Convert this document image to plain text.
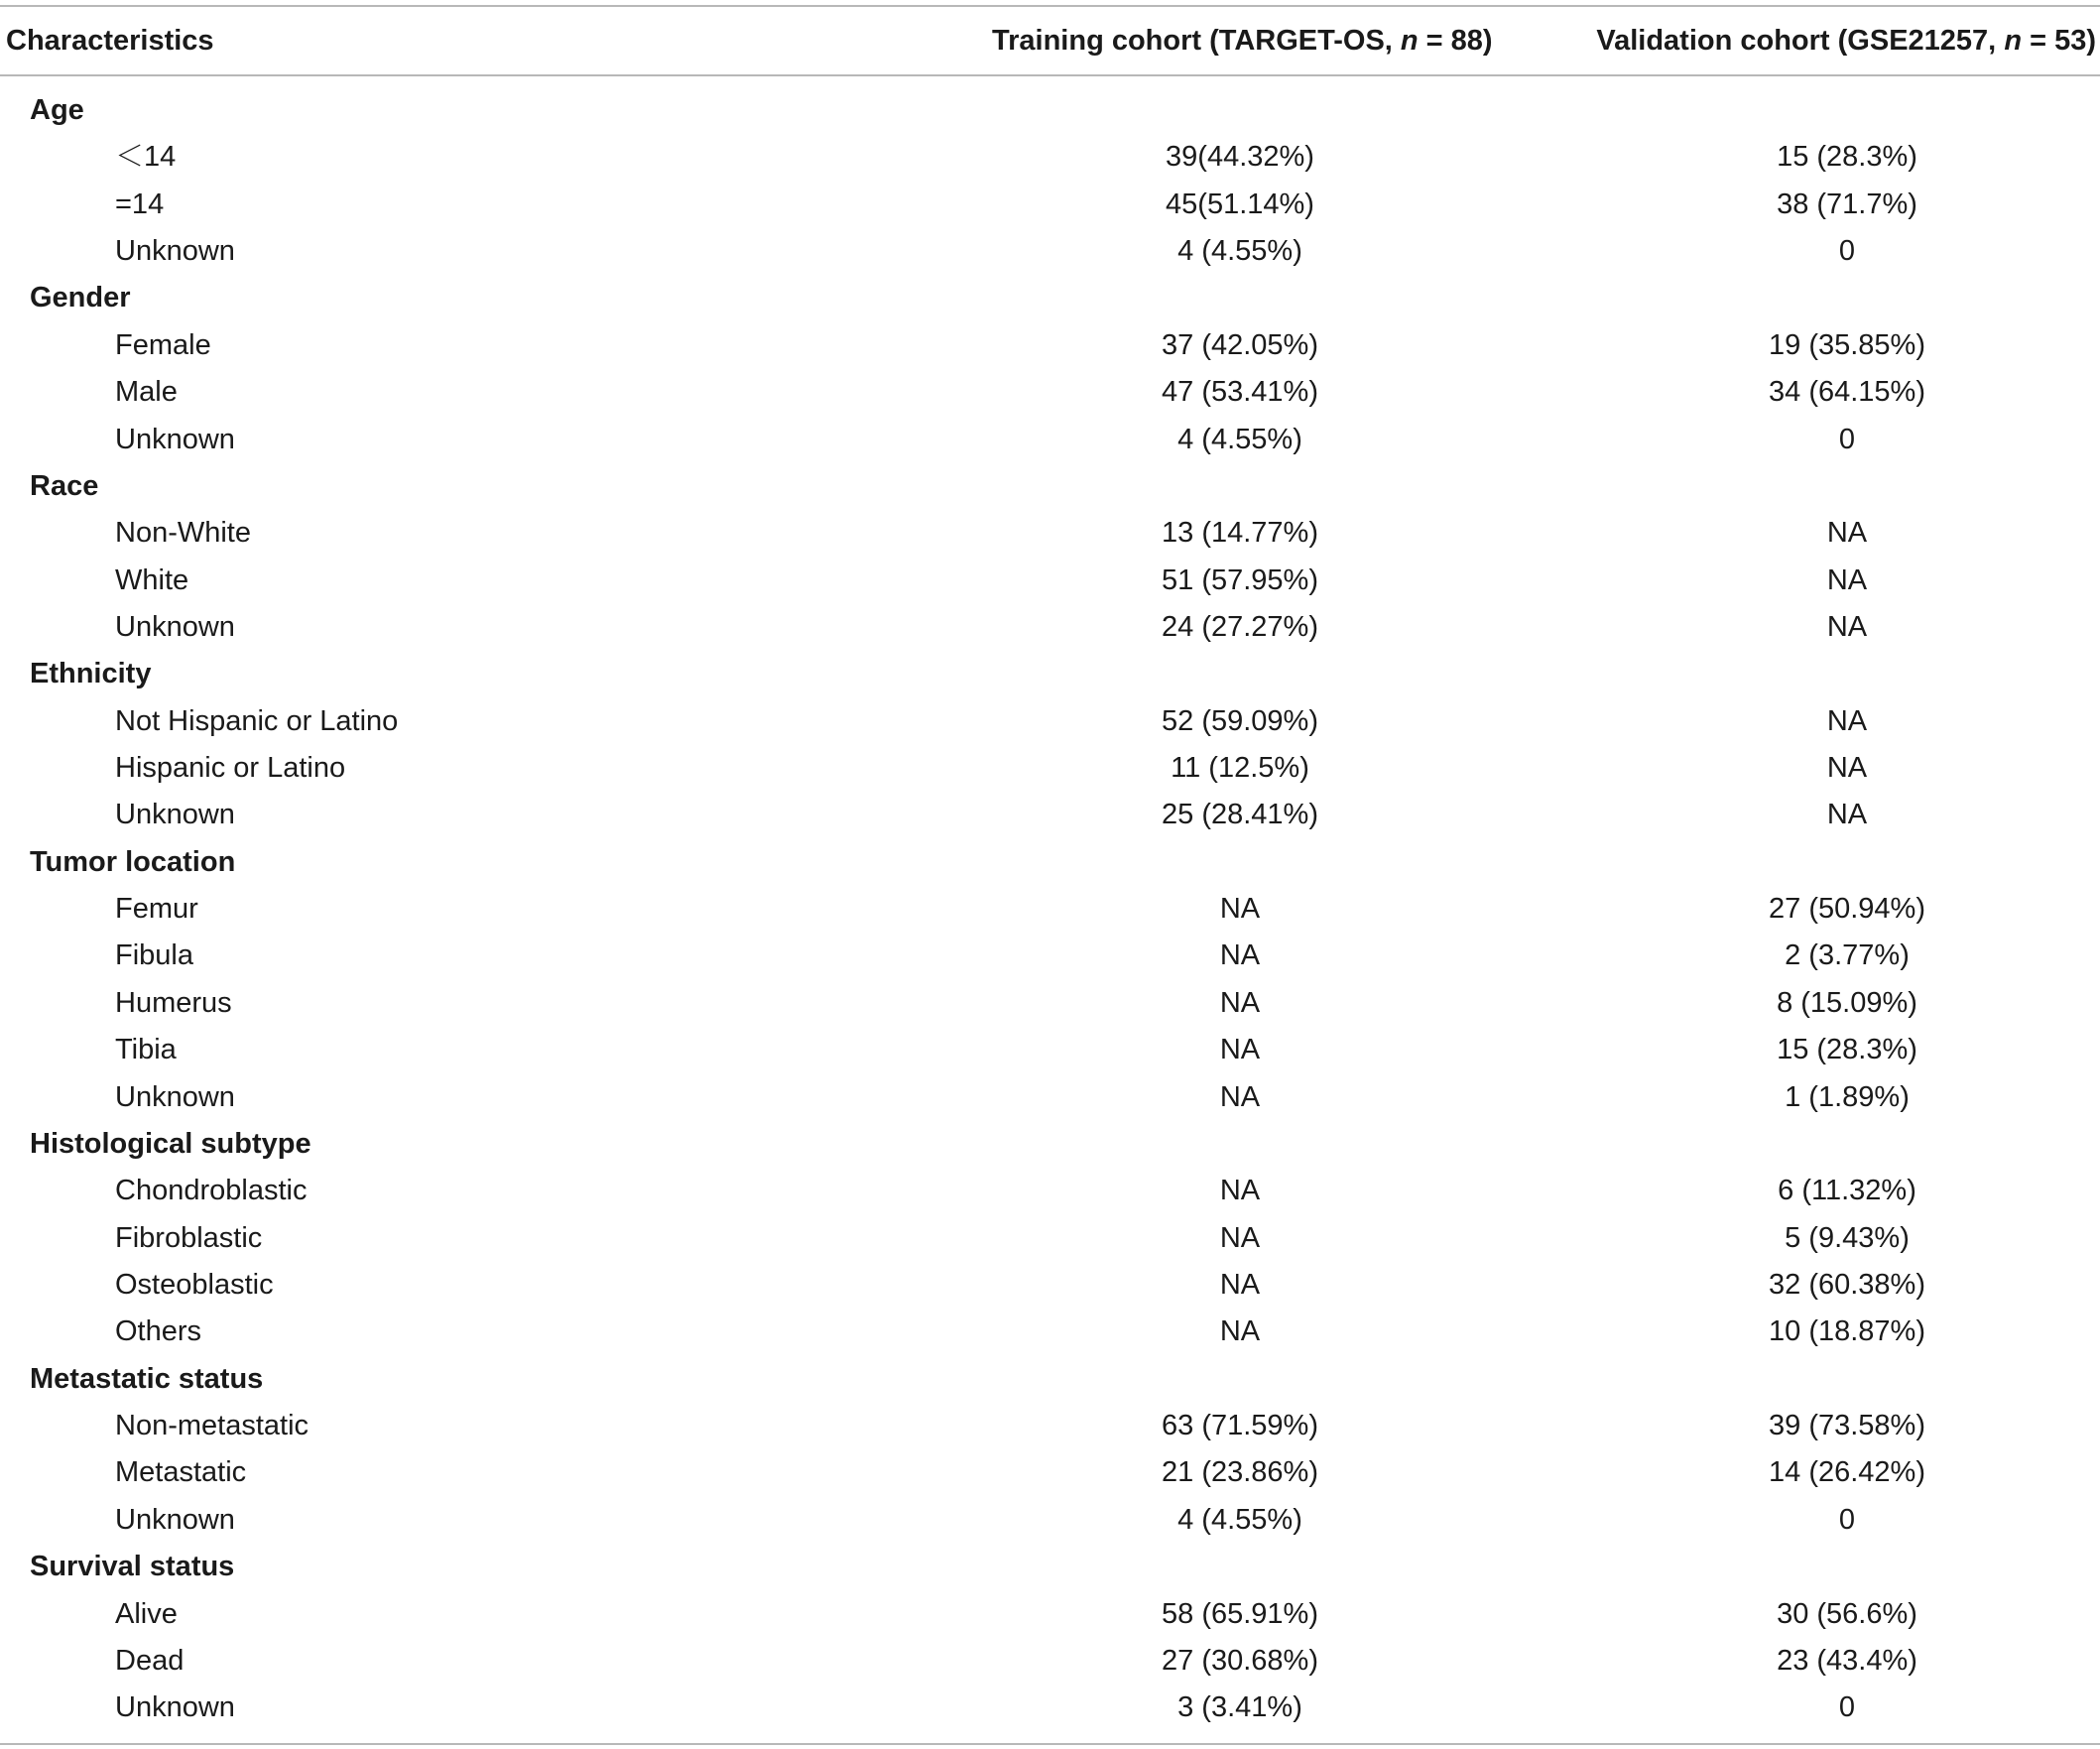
Characteristics	Training cohort (TARGET-OS, n = 88)	Validation cohort (GSE21257, n = 53)
Age
＜14	39(44.32%)	15 (28.3%)
=14	45(51.14%)	38 (71.7%)
Unknown	4 (4.55%)	0
Gender
Female	37 (42.05%)	19 (35.85%)
Male	47 (53.41%)	34 (64.15%)
Unknown	4 (4.55%)	0
Race
Non-White	13 (14.77%)	NA
White	51 (57.95%)	NA
Unknown	24 (27.27%)	NA
Ethnicity
Not Hispanic or Latino	52 (59.09%)	NA
Hispanic or Latino	11 (12.5%)	NA
Unknown	25 (28.41%)	NA
Tumor location
Femur	NA	27 (50.94%)
Fibula	NA	2 (3.77%)
Humerus	NA	8 (15.09%)
Tibia	NA	15 (28.3%)
Unknown	NA	1 (1.89%)
Histological subtype
Chondroblastic	NA	6 (11.32%)
Fibroblastic	NA	5 (9.43%)
Osteoblastic	NA	32 (60.38%)
Others	NA	10 (18.87%)
Metastatic status
Non-metastatic	63 (71.59%)	39 (73.58%)
Metastatic	21 (23.86%)	14 (26.42%)
Unknown	4 (4.55%)	0
Survival status
Alive	58 (65.91%)	30 (56.6%)
Dead	27 (30.68%)	23 (43.4%)
Unknown	3 (3.41%)	0
